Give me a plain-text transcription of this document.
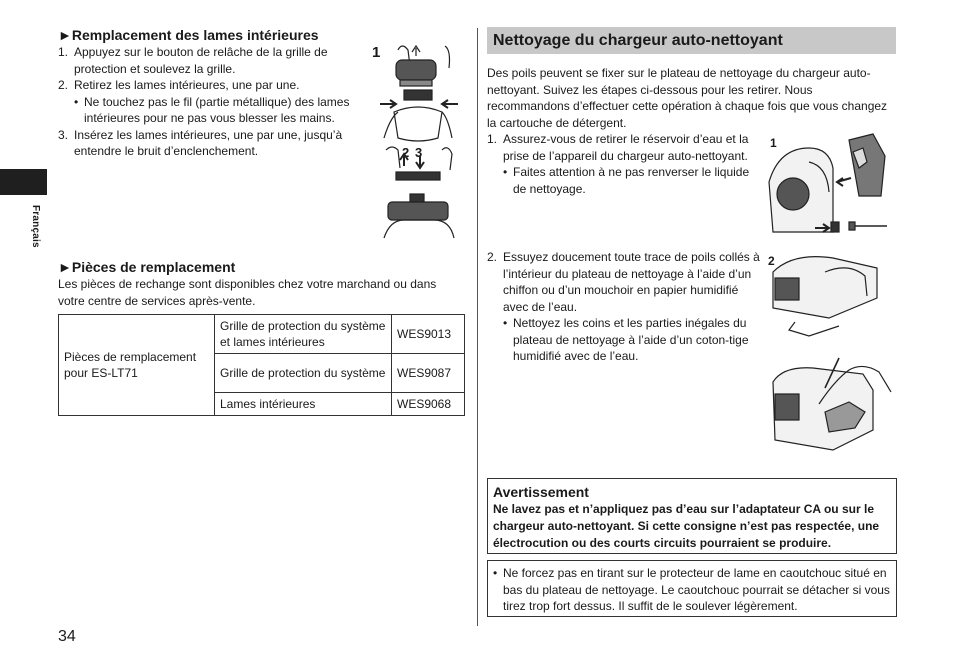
Français
►Remplacement des lames intérieures
1. Appuyez sur le bouton de relâche de la grille de protection et soulevez la grille.
2. Retirez les lames intérieures, une par une.
• Ne touchez pas le fil (partie métallique) des lames intérieures pour ne pas vous blesser les mains.
3. Insérez les lames intérieures, une par une, jusqu’à entendre le bruit d’enclenchement.
1
2 3
►Pièces de remplacement
Les pièces de rechange sont disponibles chez votre marchand ou dans votre centre de services après-vente.
Pièces de remplacement pour ES-LT71	Grille de protection du système et lames intérieures	WES9013
	Grille de protection du système	WES9087
	Lames intérieures	WES9068
34
Nettoyage du chargeur auto-nettoyant
Des poils peuvent se fixer sur le plateau de nettoyage du chargeur auto-nettoyant. Suivez les étapes ci-dessous pour les retirer. Nous recommandons d’effectuer cette opération à chaque fois que vous changez la cartouche de détergent.
1. Assurez-vous de retirer le réservoir d’eau et la prise de l’appareil du chargeur auto-nettoyant.
• Faites attention à ne pas renverser le liquide de nettoyage.
2. Essuyez doucement toute trace de poils collés à l’intérieur du plateau de nettoyage à l’aide d’un chiffon ou d’un mouchoir en papier humidifié avec de l’eau.
• Nettoyez les coins et les parties inégales du plateau de nettoyage à l’aide d’un coton-tige humidifié avec de l’eau.
1
2
Avertissement
Ne lavez pas et n’appliquez pas d’eau sur l’adaptateur CA ou sur le chargeur auto-nettoyant. Si cette consigne n’est pas respectée, une électrocution ou des courts circuits pourraient se produire.
• Ne forcez pas en tirant sur le protecteur de lame en caoutchouc situé en bas du plateau de nettoyage. Le caoutchouc pourrait se détacher si vous tirez trop fort dessus. Il suffit de le soulever légèrement.
